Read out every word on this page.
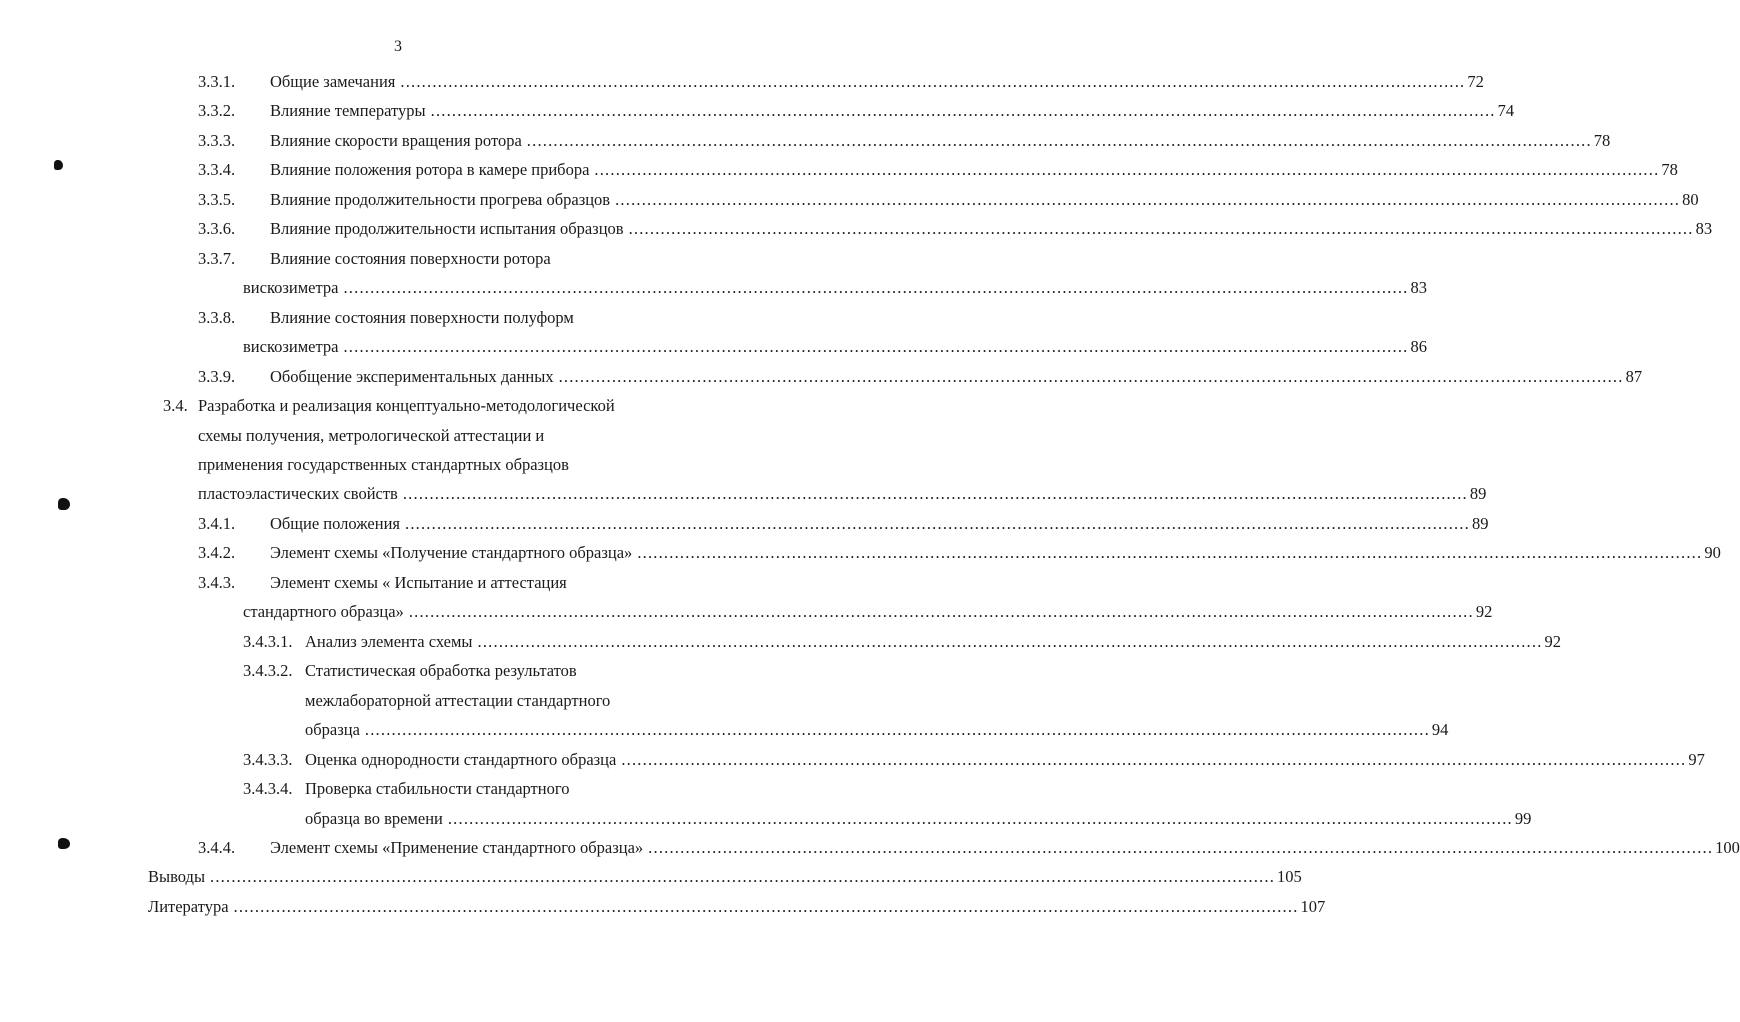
3
3.3.1. Общие замечания ........................................................................................................................................................................................................ 72
3.3.2. Влияние температуры ........................................................................................................................................................................................................ 74
3.3.3. Влияние скорости вращения ротора ........................................................................................................................................................................................................ 78
3.3.4. Влияние положения ротора в камере прибора ........................................................................................................................................................................................................ 78
3.3.5. Влияние продолжительности прогрева образцов ........................................................................................................................................................................................................ 80
3.3.6. Влияние продолжительности испытания образцов ........................................................................................................................................................................................................ 83
3.3.7. Влияние состояния поверхности ротора
вискозиметра ........................................................................................................................................................................................................ 83
3.3.8. Влияние состояния поверхности полуформ
вискозиметра ........................................................................................................................................................................................................ 86
3.3.9. Обобщение экспериментальных данных ........................................................................................................................................................................................................ 87
3.4. Разработка и реализация концептуально-методологической
схемы получения, метрологической аттестации и
применения государственных стандартных образцов
пластоэластических свойств ........................................................................................................................................................................................................ 89
3.4.1. Общие положения ........................................................................................................................................................................................................ 89
3.4.2. Элемент схемы «Получение стандартного образца» ........................................................................................................................................................................................................ 90
3.4.3. Элемент схемы « Испытание и аттестация
стандартного образца» ........................................................................................................................................................................................................ 92
3.4.3.1. Анализ элемента схемы ........................................................................................................................................................................................................ 92
3.4.3.2. Статистическая обработка результатов
межлабораторной аттестации стандартного
образца ........................................................................................................................................................................................................ 94
3.4.3.3. Оценка однородности стандартного образца ........................................................................................................................................................................................................ 97
3.4.3.4. Проверка стабильности стандартного
образца во времени ........................................................................................................................................................................................................ 99
3.4.4. Элемент схемы «Применение стандартного образца» ........................................................................................................................................................................................................ 100
Выводы ........................................................................................................................................................................................................ 105
Литература ........................................................................................................................................................................................................ 107
